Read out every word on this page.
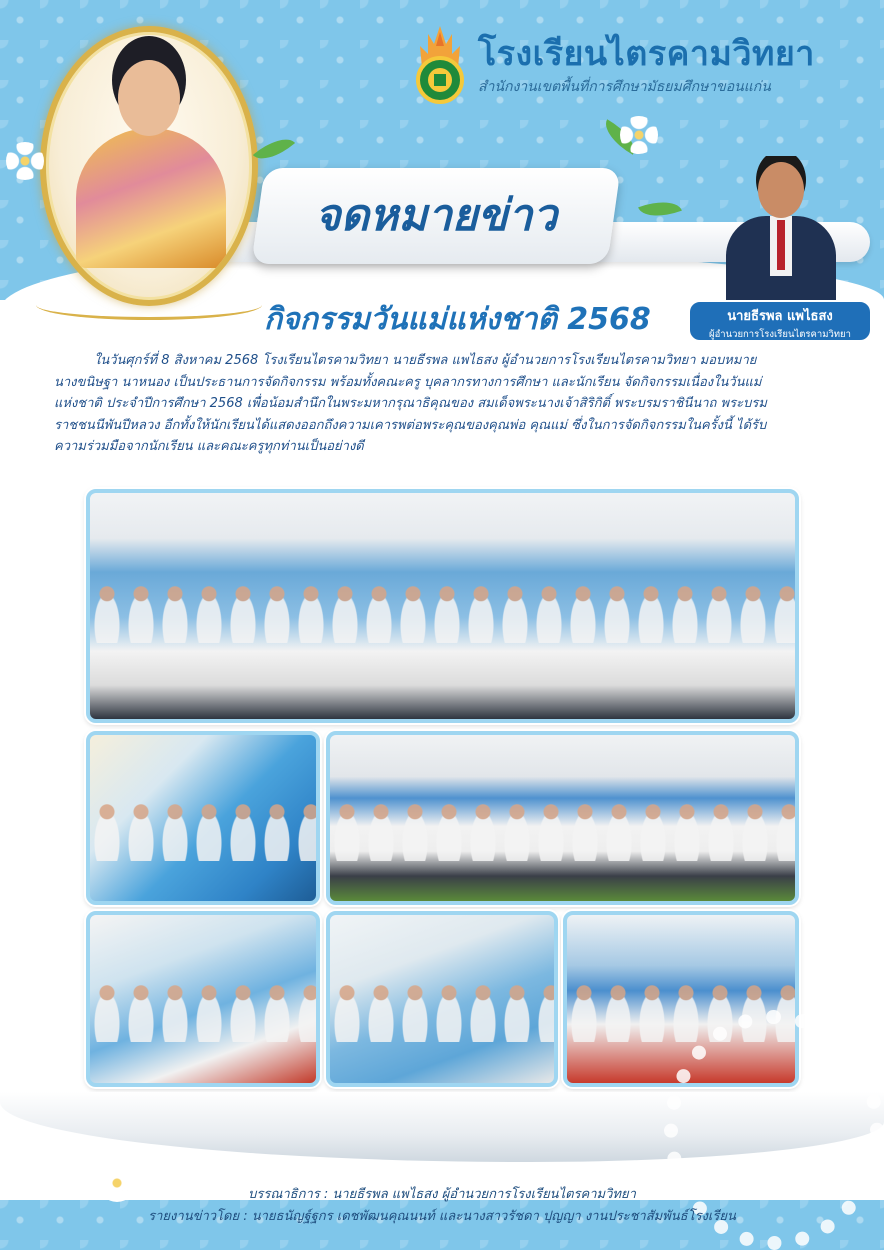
โรงเรียนไตรคามวิทยา
สำนักงานเขตพื้นที่การศึกษามัธยมศึกษาขอนแก่น
จดหมายข่าว
กิจกรรมวันแม่แห่งชาติ 2568	นายธีรพล แพไธสง
ผู้อำนวยการโรงเรียนไตรคามวิทยา
ในวันศุกร์ที่ 8 สิงหาคม 2568 โรงเรียนไตรคามวิทยา นายธีรพล แพไธสง ผู้อำนวยการโรงเรียนไตรคามวิทยา มอบหมาย
นางขนิษฐา นาหนอง เป็นประธานการจัดกิจกรรม พร้อมทั้งคณะครู บุคลากรทางการศึกษา และนักเรียน จัดกิจกรรมเนื่องในวันแม่
แห่งชาติ ประจำปีการศึกษา 2568 เพื่อน้อมสำนึกในพระมหากรุณาธิคุณของ สมเด็จพระนางเจ้าสิริกิติ์ พระบรมราชินีนาถ พระบรม
ราชชนนีพันปีหลวง อีกทั้งให้นักเรียนได้แสดงออกถึงความเคารพต่อพระคุณของคุณพ่อ คุณแม่ ซึ่งในการจัดกิจกรรมในครั้งนี้ ได้รับ
ความร่วมมือจากนักเรียน และคณะครูทุกท่านเป็นอย่างดี
บรรณาธิการ : นายธีรพล แพไธสง ผู้อำนวยการโรงเรียนไตรคามวิทยา
รายงานข่าวโดย : นายธนัญฐ์ฐกร เดชพัฒนคุณนนท์ และนางสาวรัชดา ปุญญา งานประชาสัมพันธ์โรงเรียน
